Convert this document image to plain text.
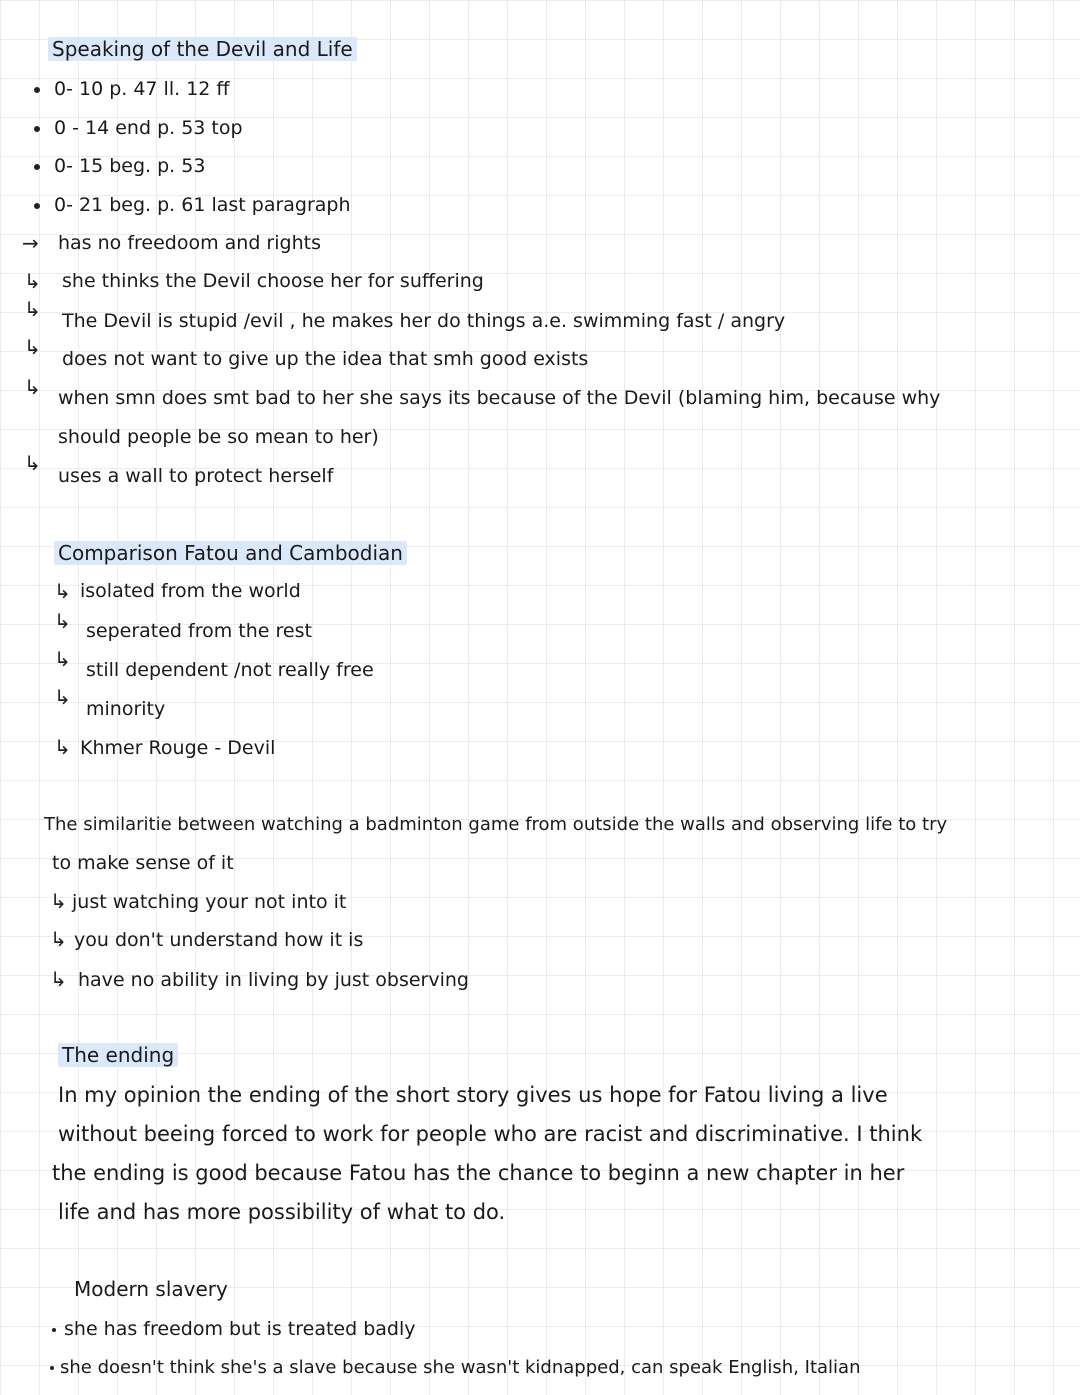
Speaking of the Devil and Life
0- 10 p. 47 ll. 12 ff
0 - 14 end p. 53 top
0- 15 beg. p. 53
0- 21 beg. p. 61 last paragraph
→ has no freedoom and rights
↳ she thinks the Devil choose her for suffering
↳ The Devil is stupid /evil , he makes her do things a.e. swimming fast / angry
↳ does not want to give up the idea that smh good exists
↳ when smn does smt bad to her she says its because of the Devil (blaming him, because why
should people be so mean to her)
↳
uses a wall to protect herself
Comparison Fatou and Cambodian
↳ isolated from the world
↳ seperated from the rest
↳ still dependent /not really free
↳ minority
↳ Khmer Rouge - Devil
The similaritie between watching a badminton game from outside the walls and observing life to try
to make sense of it
↳ just watching your not into it
↳ you don't understand how it is
↳ have no ability in living by just observing
The ending
In my opinion the ending of the short story gives us hope for Fatou living a live
without beeing forced to work for people who are racist and discriminative. I think
the ending is good because Fatou has the chance to beginn a new chapter in her
life and has more possibility of what to do.
Modern slavery
she has freedom but is treated badly
she doesn't think she's a slave because she wasn't kidnapped, can speak English, Italian
